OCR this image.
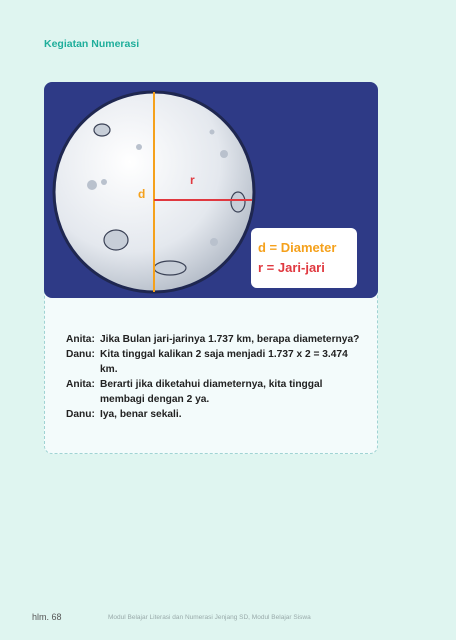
Kegiatan Numerasi
d
r
d = Diameter
r = Jari-jari
Anita: Jika Bulan jari-jarinya 1.737 km, berapa diameternya?
Danu: Kita tinggal kalikan 2 saja menjadi 1.737 x 2 = 3.474 km.
Anita: Berarti jika diketahui diameternya, kita tinggal membagi dengan 2 ya.
Danu: Iya, benar sekali.
hlm. 68	Modul Belajar Literasi dan Numerasi Jenjang SD, Modul Belajar Siswa
